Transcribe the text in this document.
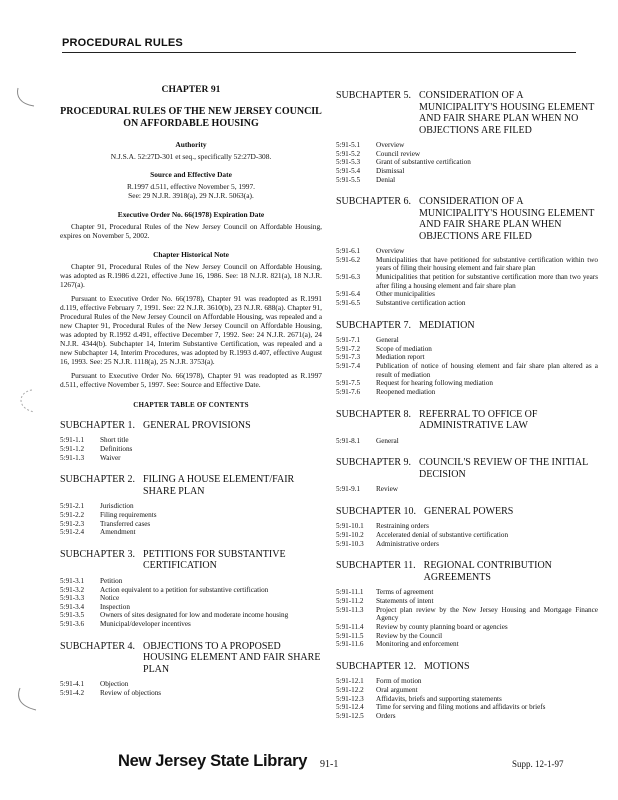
PROCEDURAL RULES
CHAPTER 91
PROCEDURAL RULES OF THE NEW JERSEY COUNCIL ON AFFORDABLE HOUSING
Authority
N.J.S.A. 52:27D-301 et seq., specifically 52:27D-308.
Source and Effective Date
R.1997 d.511, effective November 5, 1997.
See: 29 N.J.R. 3918(a), 29 N.J.R. 5063(a).
Executive Order No. 66(1978) Expiration Date
Chapter 91, Procedural Rules of the New Jersey Council on Affordable Housing, expires on November 5, 2002.
Chapter Historical Note
Chapter 91, Procedural Rules of the New Jersey Council on Affordable Housing, was adopted as R.1986 d.221, effective June 16, 1986. See: 18 N.J.R. 821(a), 18 N.J.R. 1267(a).
Pursuant to Executive Order No. 66(1978), Chapter 91 was readopted as R.1991 d.119, effective February 7, 1991. See: 22 N.J.R. 3610(b), 23 N.J.R. 688(a). Chapter 91, Procedural Rules of the New Jersey Council on Affordable Housing, was repealed and a new Chapter 91, Procedural Rules of the New Jersey Council on Affordable Housing, was adopted by R.1992 d.491, effective December 7, 1992. See: 24 N.J.R. 2671(a), 24 N.J.R. 4344(b). Subchapter 14, Interim Substantive Certification, was repealed and a new Subchapter 14, Interim Procedures, was adopted by R.1993 d.407, effective August 16, 1993. See: 25 N.J.R. 1118(a), 25 N.J.R. 3753(a).
Pursuant to Executive Order No. 66(1978), Chapter 91 was readopted as R.1997 d.511, effective November 5, 1997. See: Source and Effective Date.
CHAPTER TABLE OF CONTENTS
SUBCHAPTER 1. GENERAL PROVISIONS
5:91-1.1	Short title
5:91-1.2	Definitions
5:91-1.3	Waiver
SUBCHAPTER 2. FILING A HOUSE ELEMENT/FAIR SHARE PLAN
5:91-2.1	Jurisdiction
5:91-2.2	Filing requirements
5:91-2.3	Transferred cases
5:91-2.4	Amendment
SUBCHAPTER 3. PETITIONS FOR SUBSTANTIVE CERTIFICATION
5:91-3.1	Petition
5:91-3.2	Action equivalent to a petition for substantive certification
5:91-3.3	Notice
5:91-3.4	Inspection
5:91-3.5	Owners of sites designated for low and moderate income housing
5:91-3.6	Municipal/developer incentives
SUBCHAPTER 4. OBJECTIONS TO A PROPOSED HOUSING ELEMENT AND FAIR SHARE PLAN
5:91-4.1	Objection
5:91-4.2	Review of objections
SUBCHAPTER 5. CONSIDERATION OF A MUNICIPALITY'S HOUSING ELEMENT AND FAIR SHARE PLAN WHEN NO OBJECTIONS ARE FILED
5:91-5.1	Overview
5:91-5.2	Council review
5:91-5.3	Grant of substantive certification
5:91-5.4	Dismissal
5:91-5.5	Denial
SUBCHAPTER 6. CONSIDERATION OF A MUNICIPALITY'S HOUSING ELEMENT AND FAIR SHARE PLAN WHEN OBJECTIONS ARE FILED
5:91-6.1	Overview
5:91-6.2	Municipalities that have petitioned for substantive certification within two years of filing their housing element and fair share plan
5:91-6.3	Municipalities that petition for substantive certification more than two years after filing a housing element and fair share plan
5:91-6.4	Other municipalities
5:91-6.5	Substantive certification action
SUBCHAPTER 7. MEDIATION
5:91-7.1	General
5:91-7.2	Scope of mediation
5:91-7.3	Mediation report
5:91-7.4	Publication of notice of housing element and fair share plan altered as a result of mediation
5:91-7.5	Request for hearing following mediation
5:91-7.6	Reopened mediation
SUBCHAPTER 8. REFERRAL TO OFFICE OF ADMINISTRATIVE LAW
5:91-8.1	General
SUBCHAPTER 9. COUNCIL'S REVIEW OF THE INITIAL DECISION
5:91-9.1	Review
SUBCHAPTER 10. GENERAL POWERS
5:91-10.1	Restraining orders
5:91-10.2	Accelerated denial of substantive certification
5:91-10.3	Administrative orders
SUBCHAPTER 11. REGIONAL CONTRIBUTION AGREEMENTS
5:91-11.1	Terms of agreement
5:91-11.2	Statements of intent
5:91-11.3	Project plan review by the New Jersey Housing and Mortgage Finance Agency
5:91-11.4	Review by county planning board or agencies
5:91-11.5	Review by the Council
5:91-11.6	Monitoring and enforcement
SUBCHAPTER 12. MOTIONS
5:91-12.1	Form of motion
5:91-12.2	Oral argument
5:91-12.3	Affidavits, briefs and supporting statements
5:91-12.4	Time for serving and filing motions and affidavits or briefs
5:91-12.5	Orders
New Jersey State Library 91-1	Supp. 12-1-97
